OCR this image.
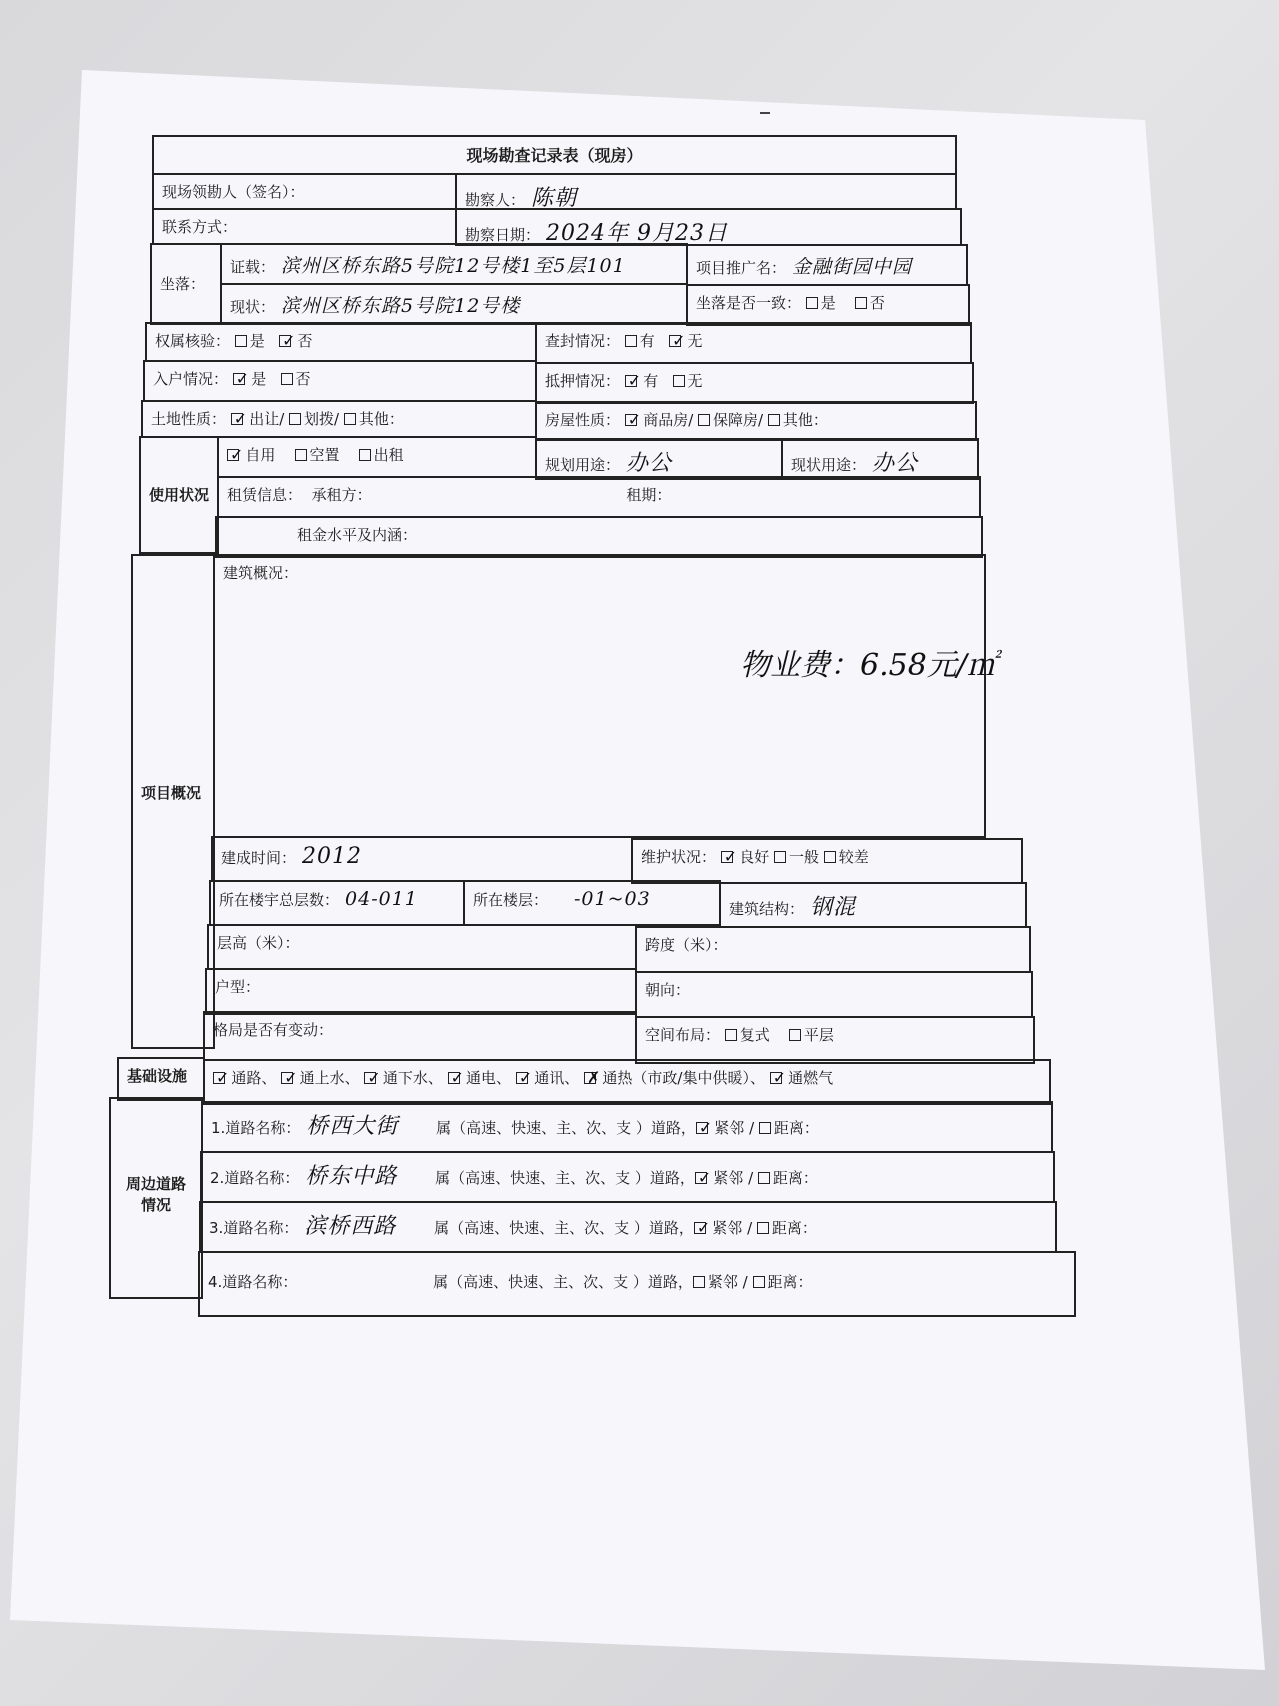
现场勘查记录表（现房）
现场领勘人（签名）：	勘察人： 陈朝
联系方式：	勘察日期： 2024年 9月23日
坐落：
证载： 滨州区桥东路5号院12号楼1至5层101	项目推广名： 金融街园中园
现状： 滨州区桥东路5号院12号楼	坐落是否一致： 是 否
权属核验： 是 ✓ 否	查封情况： 有 ✓ 无
入户情况： ✓ 是 否	抵押情况： ✓ 有 无
土地性质： ✓ 出让/ 划拨/ 其他：	房屋性质： ✓ 商品房/ 保障房/ 其他：
使用状况
✓ 自用 空置 出租
规划用途： 办公	现状用途： 办公
租赁信息： 承租方：	租期：
租金水平及内涵：
项目概况
建筑概况：
物业费：6.58元/㎡
建成时间： 2012	维护状况： ✓ 良好 一般 较差
所在楼宇总层数： 04-011	所在楼层： -01~03	建筑结构： 钢混
层高（米）：	跨度（米）：
户型：	朝向：
格局是否有变动：	空间布局： 复式 平层
基础设施	✓ 通路、 ✓ 通上水、 ✓ 通下水、 ✓ 通电、 ✓ 通讯、 ✗ 通热（市政/集中供暖）、 ✓ 通燃气
周边道路情况
1.道路名称： 桥西大街	属（高速、快速、主、次、支 ）道路， ✓ 紧邻 / 距离：
2.道路名称： 桥东中路	属（高速、快速、主、次、支 ）道路， ✓ 紧邻 / 距离：
3.道路名称： 滨桥西路	属（高速、快速、主、次、支 ）道路， ✓ 紧邻 / 距离：
4.道路名称：	属（高速、快速、主、次、支 ）道路， 紧邻 / 距离：
